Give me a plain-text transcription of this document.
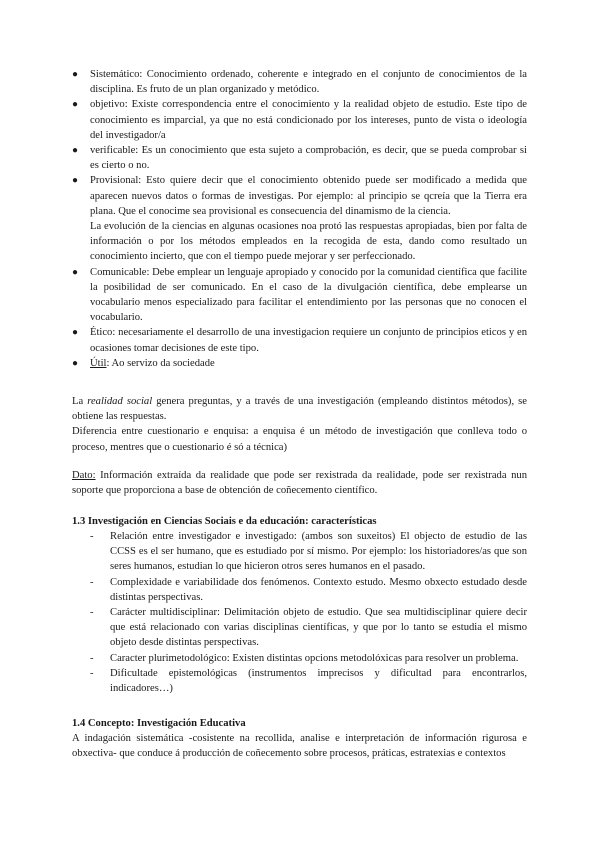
●	Sistemático: Conocimiento ordenado, coherente e integrado en el conjunto de conocimientos de la disciplina. Es fruto de un plan organizado y metódico.
●	objetivo: Existe correspondencia entre el conocimiento y la realidad objeto de estudio. Este tipo de conocimiento es imparcial, ya que no está condicionado por los intereses, punto de vista o ideología del investigador/a
●	verificable: Es un conocimiento que esta sujeto a comprobación, es decir, que se pueda comprobar si es cierto o no.
●	Provisional: Esto quiere decir que el conocimiento obtenido puede ser modificado a medida que aparecen nuevos datos o formas de investigas. Por ejemplo: al principio se qcreía que la Tierra era plana. Que el conocime sea provisional es consecuencia del dinamismo de la ciencia.

La evolución de la ciencias en algunas ocasiones noa protó las respuestas apropiadas, bien por falta de información o por los métodos empleados en la recogida de esta, dando como resultado un conocimiento incierto, que con el tiempo puede mejorar y ser perfeccionado.

●	Comunicable: Debe emplear un lenguaje apropiado y conocido por la comunidad científica que facilite la posibilidad de ser comunicado. En el caso de la divulgación científica, debe emplearse un vocabulario menos especializado para facilitar el entendimiento por las personas que no conocen el vocabulario.
●	Ético: necesariamente el desarrollo de una investigacion requiere un conjunto de principios eticos y en ocasiones tomar decisiones de este tipo.
●	Útil: Ao servizo da sociedade

La realidad social genera preguntas, y a través de una investigación (empleando distintos métodos), se obtiene las respuestas.

Diferencia entre cuestionario e enquisa: a enquisa é un método de investigación que conlleva todo o proceso, mentres que o cuestionario é só a técnica)

Dato: Información extraída da realidade que pode ser rexistrada da realidade, pode ser rexistrada nun soporte que proporciona a base de obtención de coñecemento científico.

1.3 Investigación en Ciencias Sociais e da educación: características
- Relación entre investigador e investigado: (ambos son suxeitos) El objecto de estudio de las CCSS es el ser humano, que es estudiado por sí mismo. Por ejemplo: los historiadores/as que son seres humanos, estudian lo que hicieron otros seres humanos en el pasado.
- Complexidade e variabilidade dos fenómenos. Contexto estudo. Mesmo obxecto estudado desde distintas perspectivas.
- Carácter multidisciplinar: Delimitación objeto de estudio. Que sea multidisciplinar quiere decir que está relacionado con varias disciplinas científicas, y que por lo tanto se estudia el mismo objeto desde distintas perspectivas.
- Caracter plurimetodológico: Existen distintas opcions metodolóxicas para resolver un problema.
- Dificultade epistemológicas (instrumentos imprecisos y dificultad para encontrarlos, indicadores…)
1.4 Concepto: Investigación Educativa
A indagación sistemática -cosistente na recollida, analise e interpretación de información rigurosa e obxectiva- que conduce á producción de coñecemento sobre procesos, práticas, estratexias e contextos
